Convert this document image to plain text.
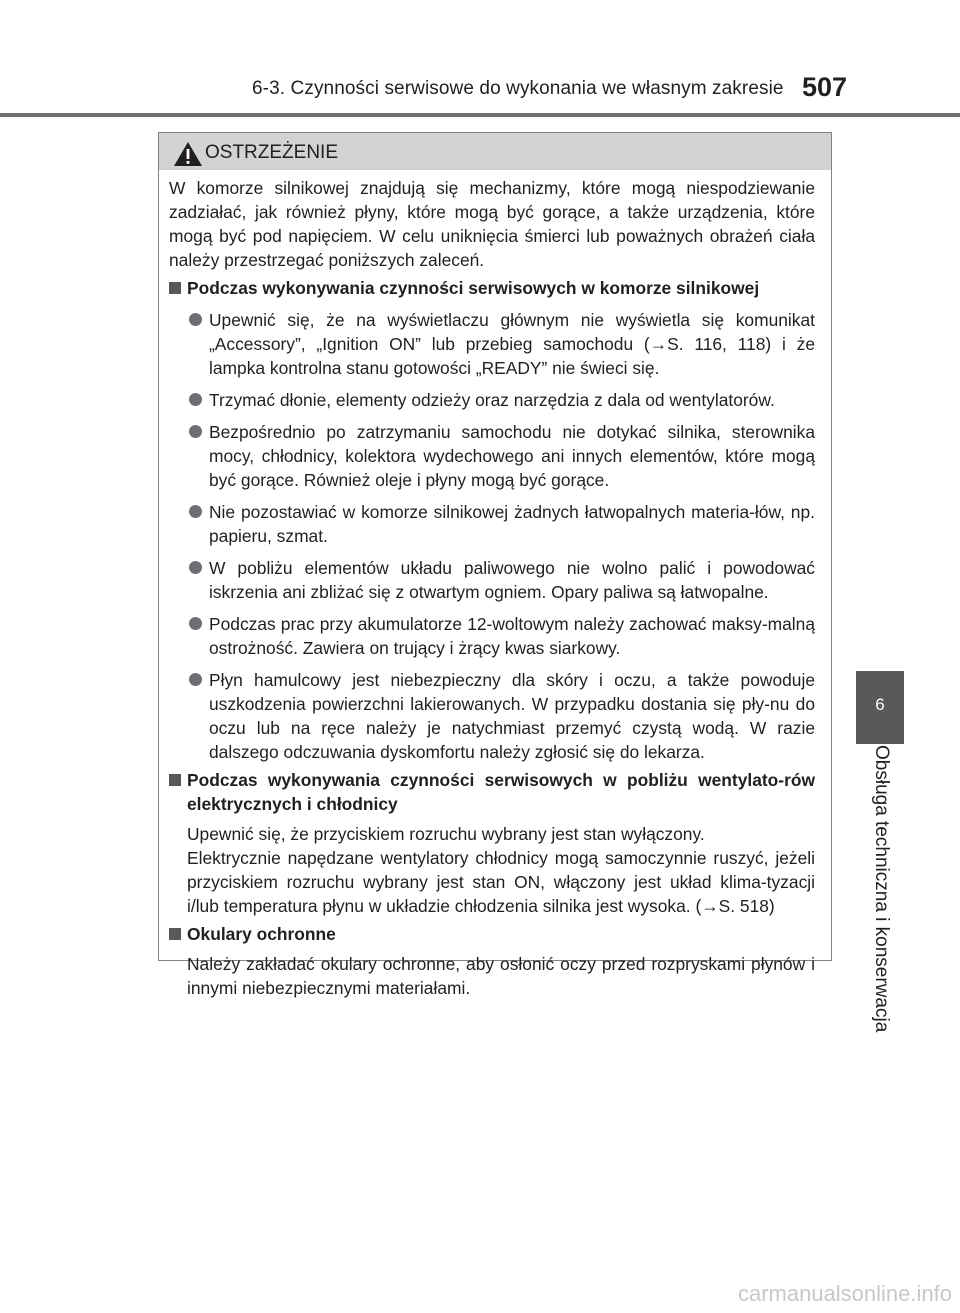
6-3. Czynności serwisowe do wykonania we własnym zakresie 507
6
Obsługa techniczna i konserwacja
OSTRZEŻENIE

W komorze silnikowej znajdują się mechanizmy, które mogą niespodziewanie zadziałać, jak również płyny, które mogą być gorące, a także urządzenia, które mogą być pod napięciem. W celu uniknięcia śmierci lub poważnych obrażeń ciała należy przestrzegać poniższych zaleceń.

Podczas wykonywania czynności serwisowych w komorze silnikowej
Upewnić się, że na wyświetlaczu głównym nie wyświetla się komunikat „Accessory”, „Ignition ON” lub przebieg samochodu (→S. 116, 118) i że lampka kontrolna stanu gotowości „READY” nie świeci się.
Trzymać dłonie, elementy odzieży oraz narzędzia z dala od wentylatorów.
Bezpośrednio po zatrzymaniu samochodu nie dotykać silnika, sterownika mocy, chłodnicy, kolektora wydechowego ani innych elementów, które mogą być gorące. Również oleje i płyny mogą być gorące.
Nie pozostawiać w komorze silnikowej żadnych łatwopalnych materia-łów, np. papieru, szmat.
W pobliżu elementów układu paliwowego nie wolno palić i powodować iskrzenia ani zbliżać się z otwartym ogniem. Opary paliwa są łatwopalne.
Podczas prac przy akumulatorze 12-woltowym należy zachować maksy-malną ostrożność. Zawiera on trujący i żrący kwas siarkowy.
Płyn hamulcowy jest niebezpieczny dla skóry i oczu, a także powoduje uszkodzenia powierzchni lakierowanych. W przypadku dostania się pły-nu do oczu lub na ręce należy je natychmiast przemyć czystą wodą. W razie dalszego odczuwania dyskomfortu należy zgłosić się do lekarza.
Podczas wykonywania czynności serwisowych w pobliżu wentylato-rów elektrycznych i chłodnicy
Upewnić się, że przyciskiem rozruchu wybrany jest stan wyłączony.
Elektrycznie napędzane wentylatory chłodnicy mogą samoczynnie ruszyć, jeżeli przyciskiem rozruchu wybrany jest stan ON, włączony jest układ klima-tyzacji i/lub temperatura płynu w układzie chłodzenia silnika jest wysoka. (→S. 518)
Okulary ochronne
Należy zakładać okulary ochronne, aby osłonić oczy przed rozpryskami płynów i innymi niebezpiecznymi materiałami.
carmanualsonline.info
